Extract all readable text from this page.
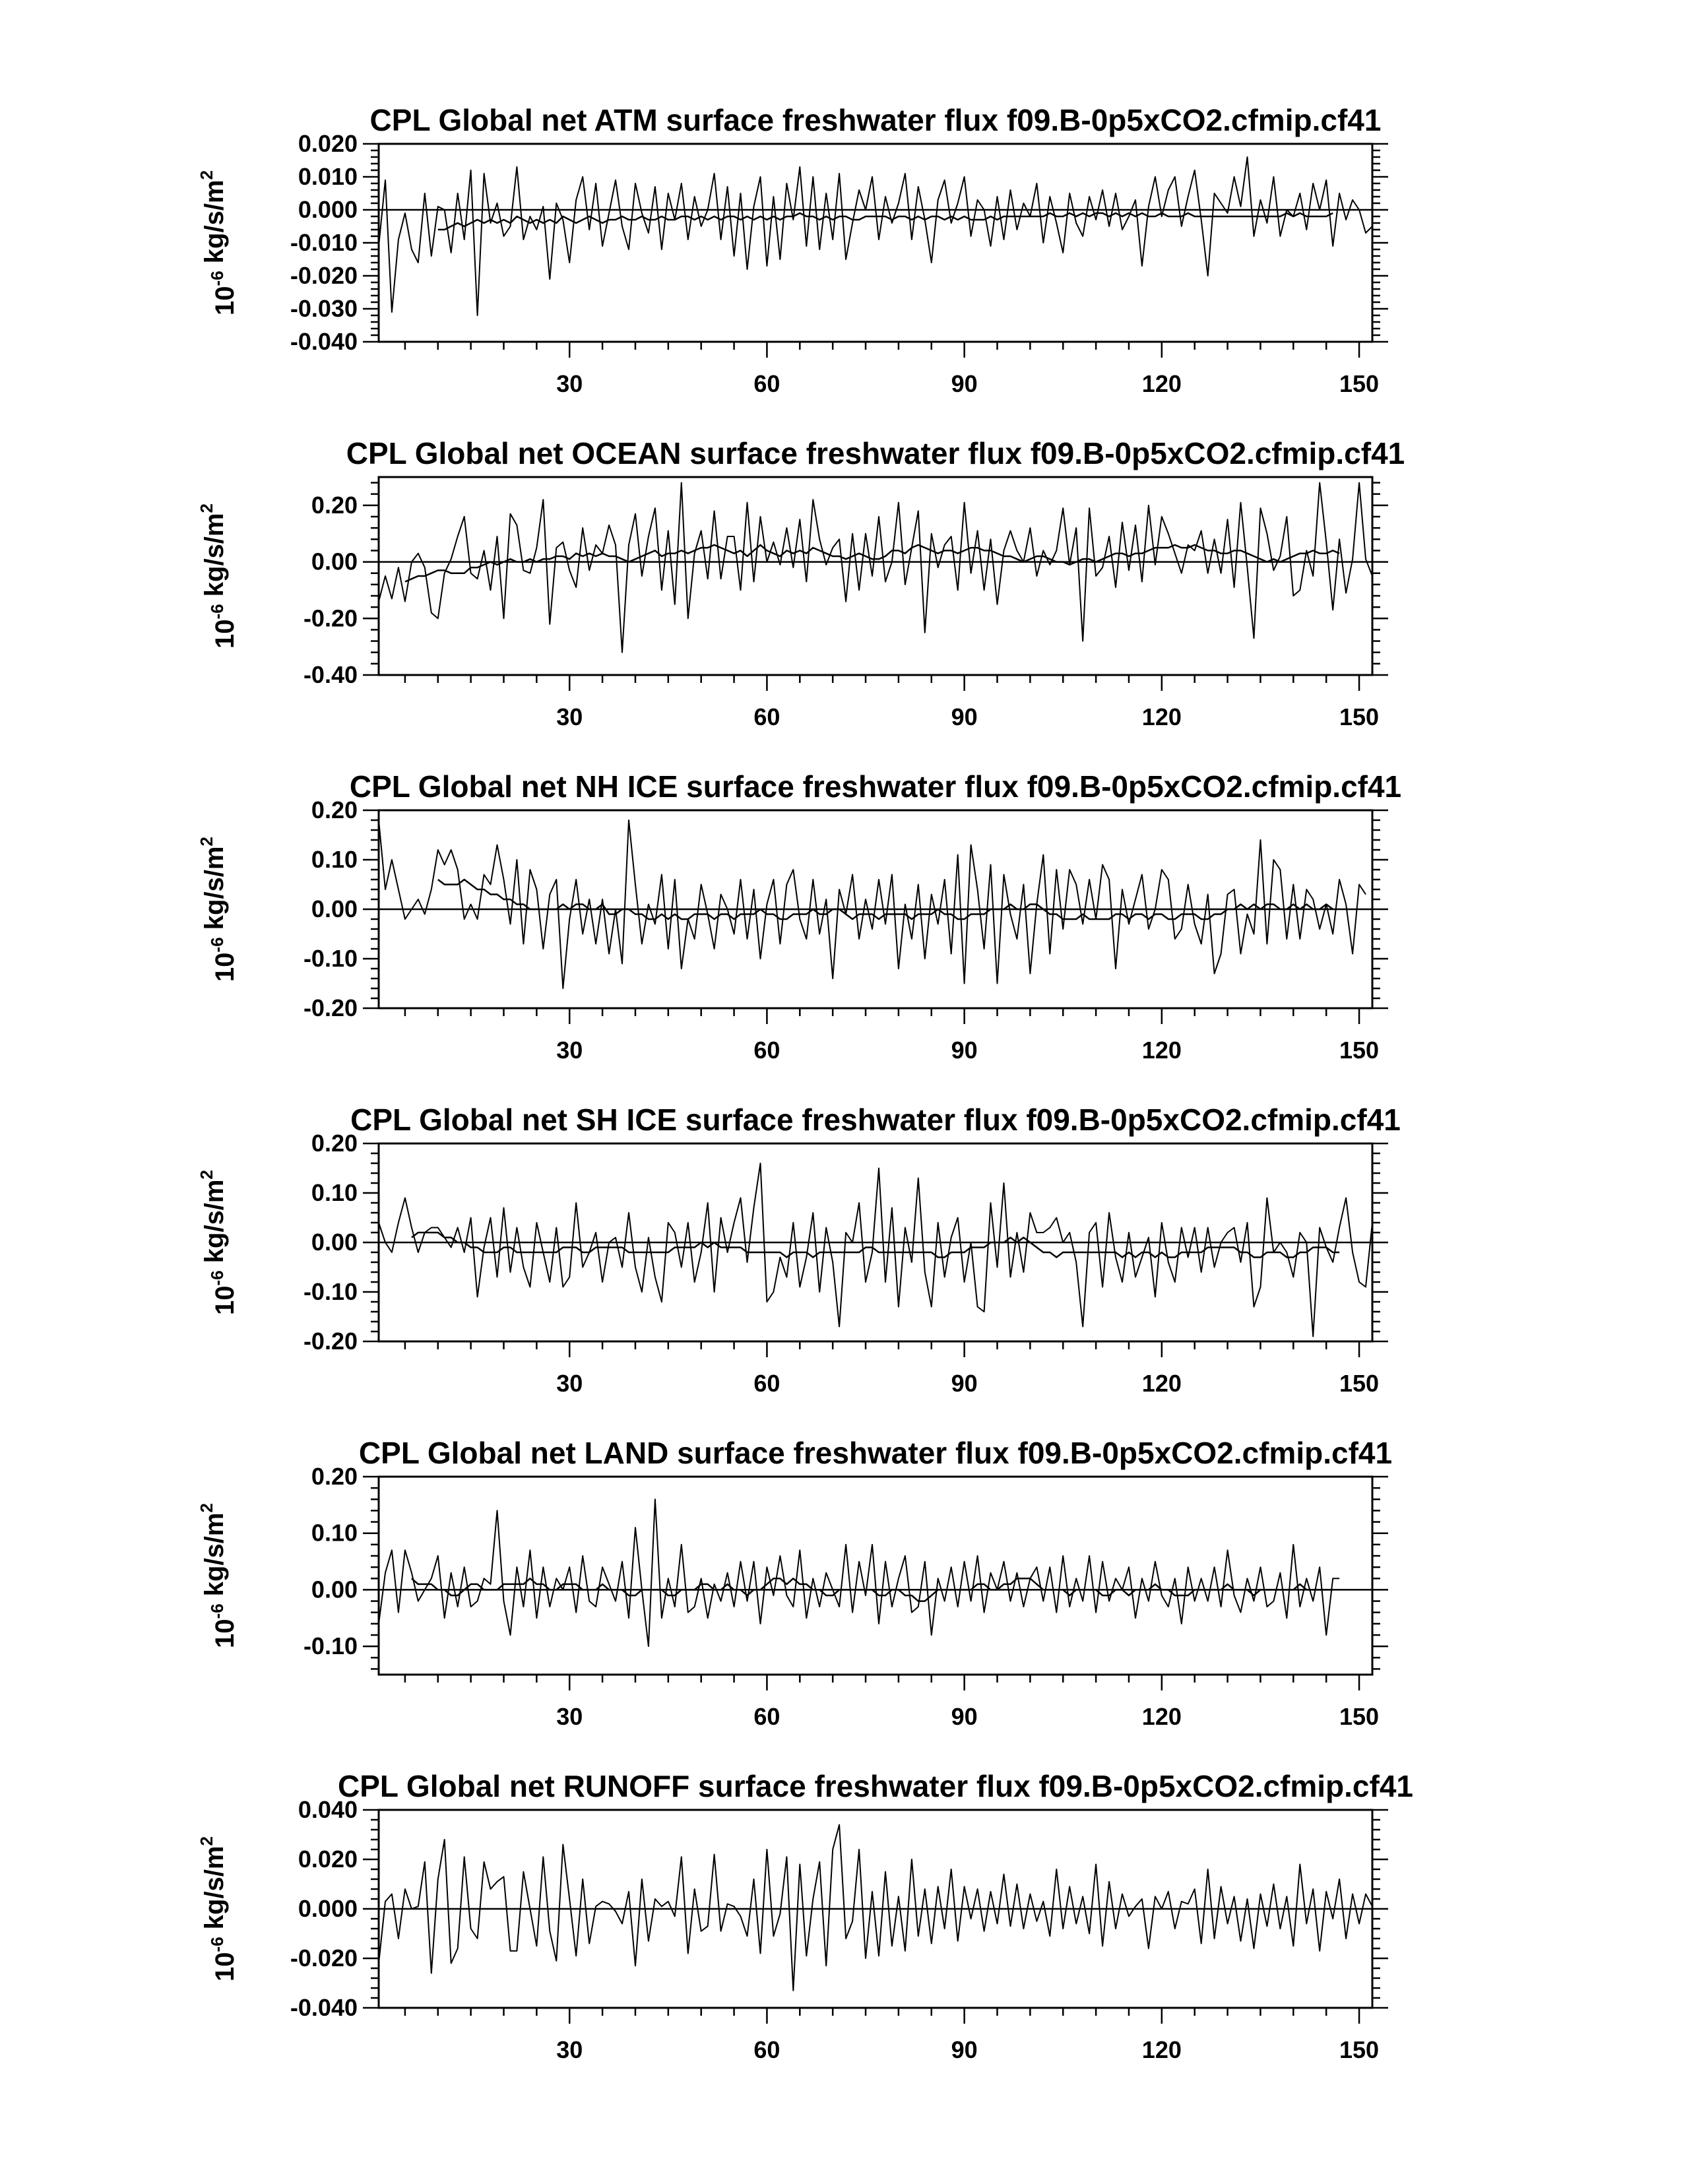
CPL Global net ATM surface freshwater flux f09.B-0p5xCO2.cfmip.cf41
$10^{-6}$ $kg/s/m^2$
-0.040
-0.030
-0.020
-0.010
0.000
0.010
0.020
30	60	90	120	150
CPL Global net OCEAN surface freshwater flux f09.B-0p5xCO2.cfmip.cf41
$10^{-6}$ $kg/s/m^2$
-0.40
-0.20
0.00
0.20
30	60	90	120	150
CPL Global net NH ICE surface freshwater flux f09.B-0p5xCO2.cfmip.cf41
$10^{-6}$ $kg/s/m^2$
-0.20
-0.10
0.00
0.10
0.20
30	60	90	120	150
CPL Global net SH ICE surface freshwater flux f09.B-0p5xCO2.cfmip.cf41
$10^{-6}$ $kg/s/m^2$
-0.20
-0.10
0.00
0.10
0.20
30	60	90	120	150
CPL Global net LAND surface freshwater flux f09.B-0p5xCO2.cfmip.cf41
$10^{-6}$ $kg/s/m^2$
-0.10
0.00
0.10
0.20
30	60	90	120	150
CPL Global net RUNOFF surface freshwater flux f09.B-0p5xCO2.cfmip.cf41
$10^{-6}$ $kg/s/m^2$
-0.040
-0.020
0.000
0.020
0.040
30	60	90	120	150
